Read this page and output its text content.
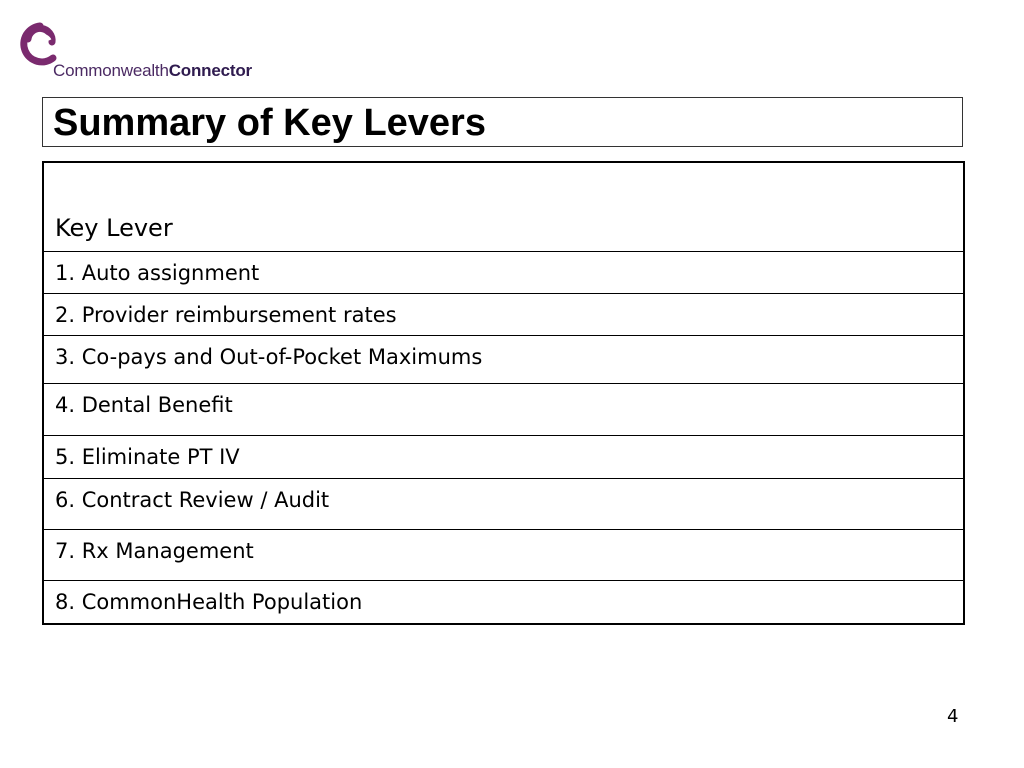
CommonwealthConnector
Summary of Key Levers
Key Lever
1. Auto assignment
2. Provider reimbursement rates
3. Co-pays and Out-of-Pocket Maximums
4. Dental Benefit
5. Eliminate PT IV
6. Contract Review / Audit
7. Rx Management
8. CommonHealth Population
4
